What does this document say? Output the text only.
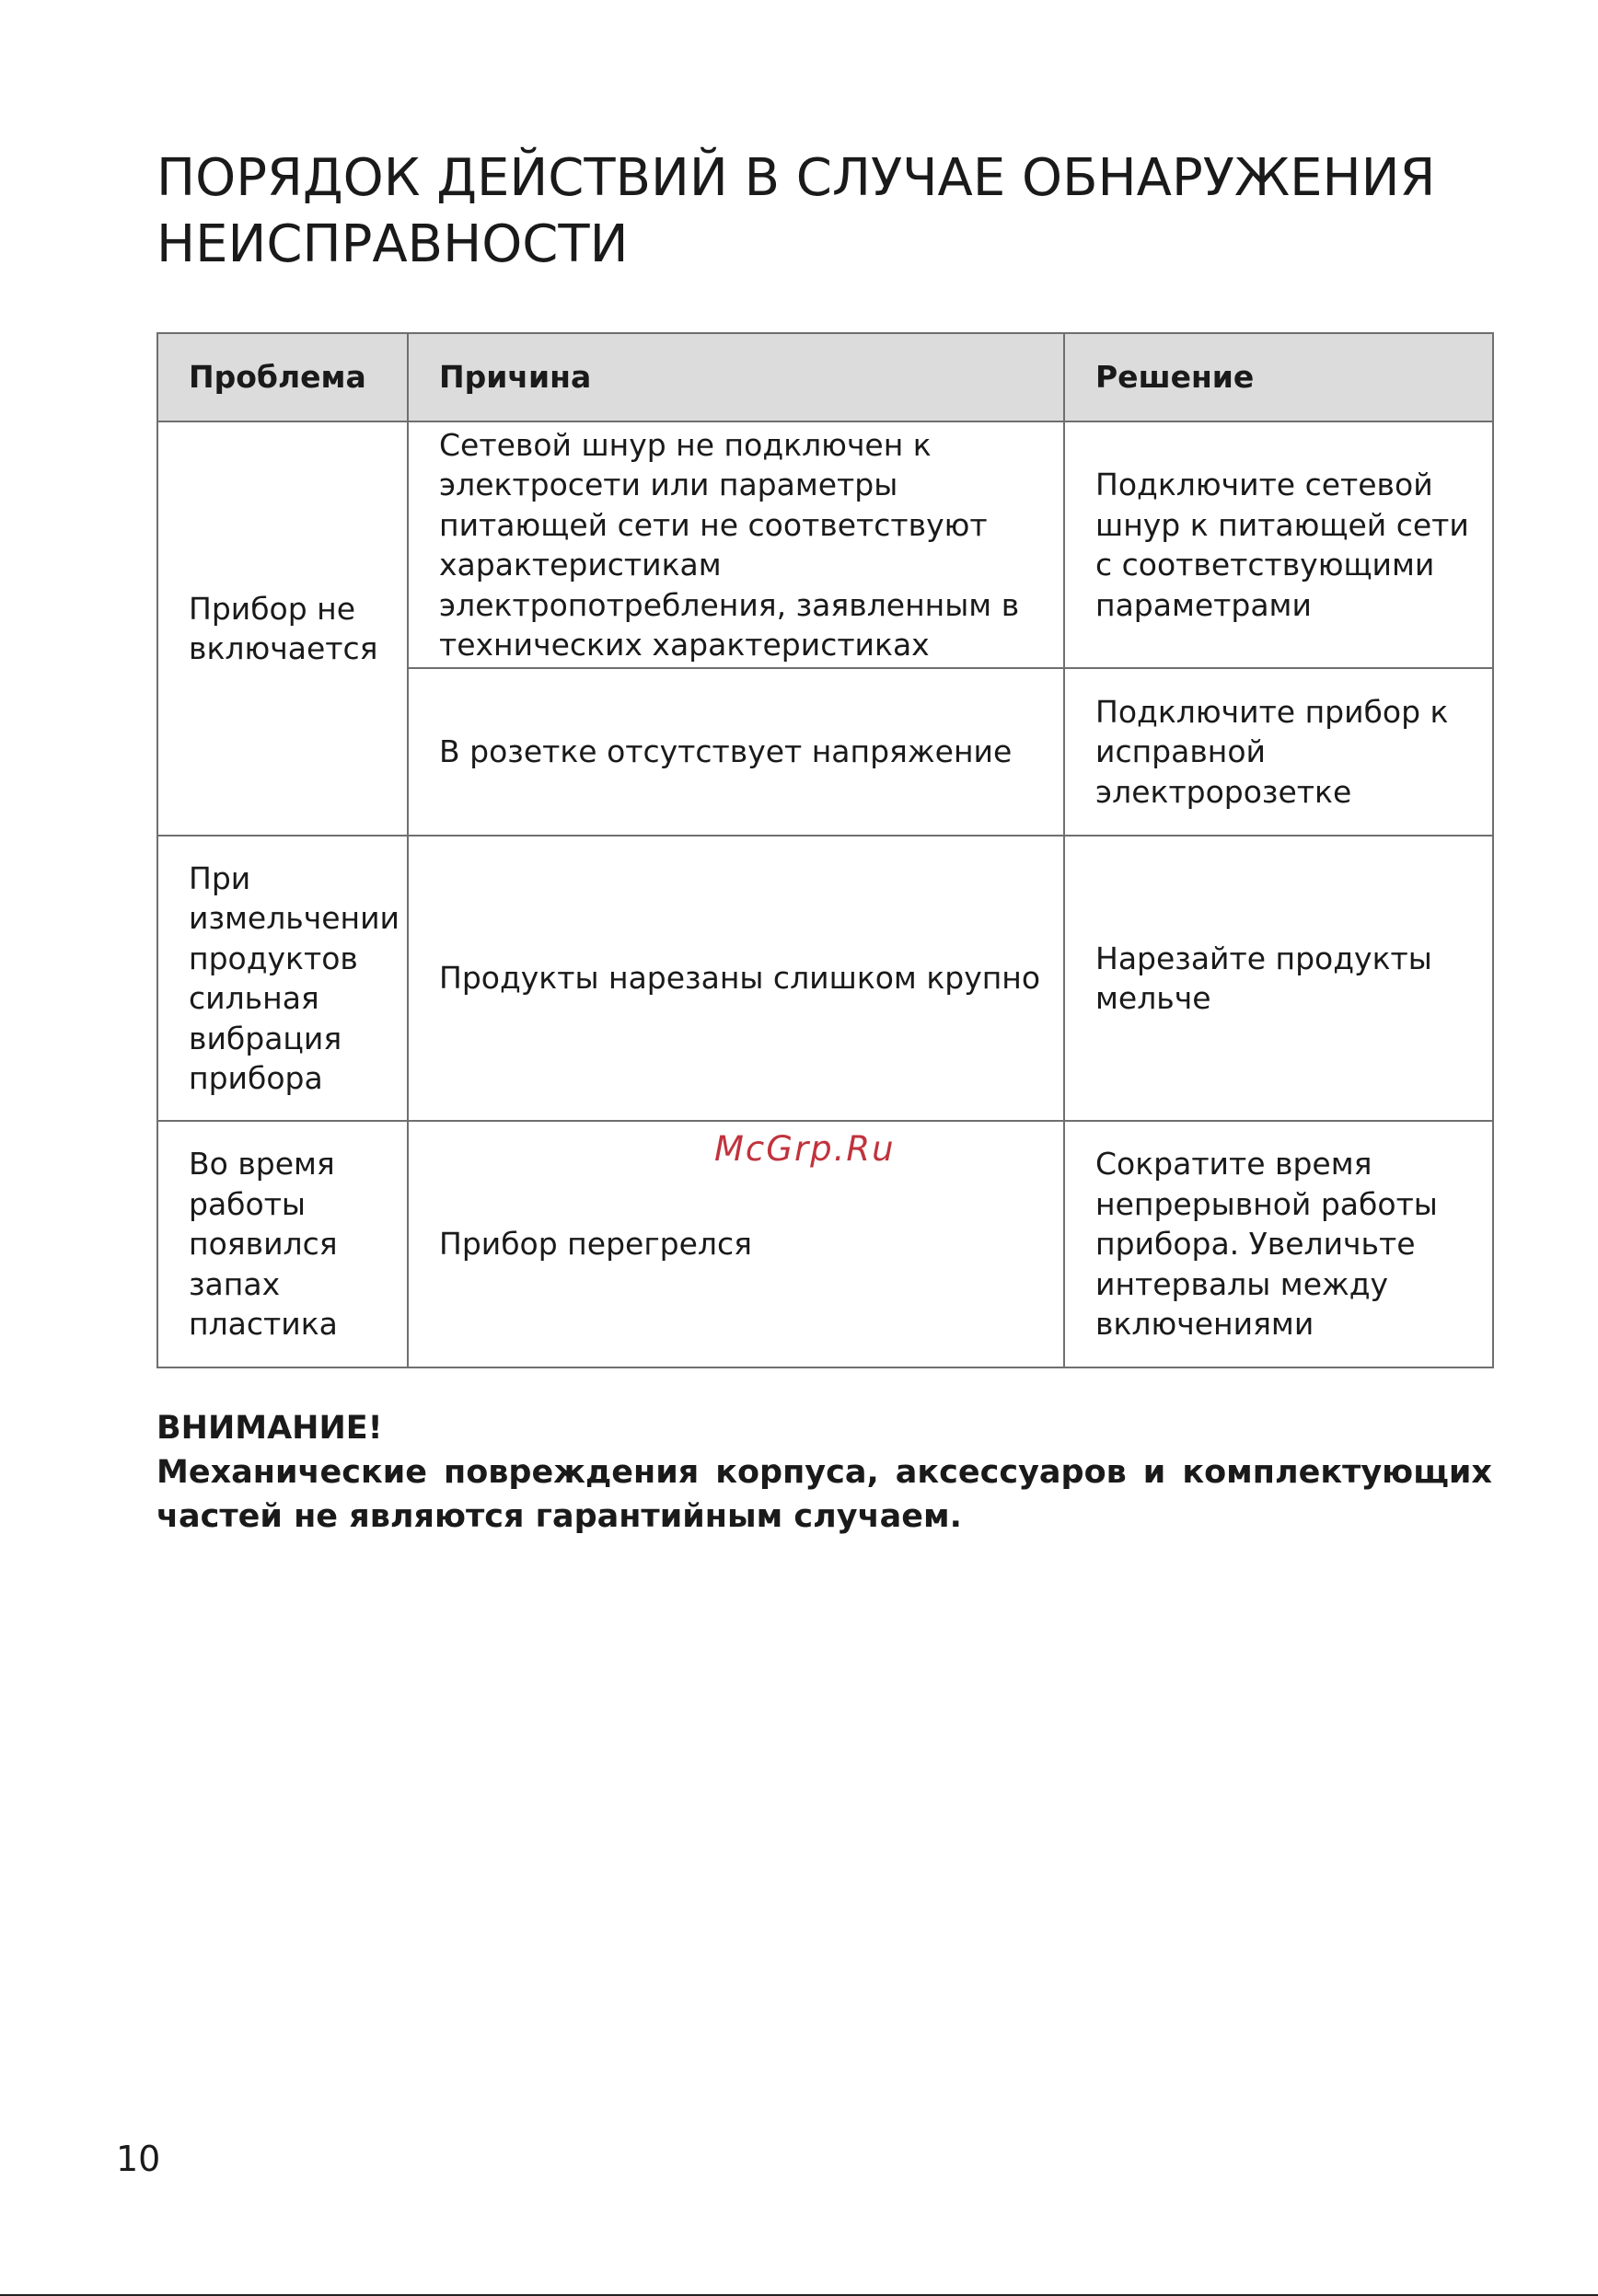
ПОРЯДОК ДЕЙСТВИЙ В СЛУЧАЕ ОБНАРУЖЕНИЯ
НЕИСПРАВНОСТИ
Проблема	Причина	Решение
Прибор не включается	Сетевой шнур не подключен к электросети или параметры питающей сети не соответствуют характеристикам электропотребления, заявленным в технических характеристиках	Подключите сетевой шнур к питающей сети с соответствующими параметрами
	В розетке отсутствует напряжение	Подключите прибор к исправной электророзетке
При измельчении продуктов сильная вибрация прибора	Продукты нарезаны слишком крупно	Нарезайте продукты мельче
Во время работы появился запах пластика	Прибор перегрелся	Сократите время непрерывной работы прибора. Увеличьте интервалы между включениями
McGrp.Ru
ВНИМАНИЕ!
Механические повреждения корпуса, аксессуаров и комплектующих частей не являются гарантийным случаем.
10
